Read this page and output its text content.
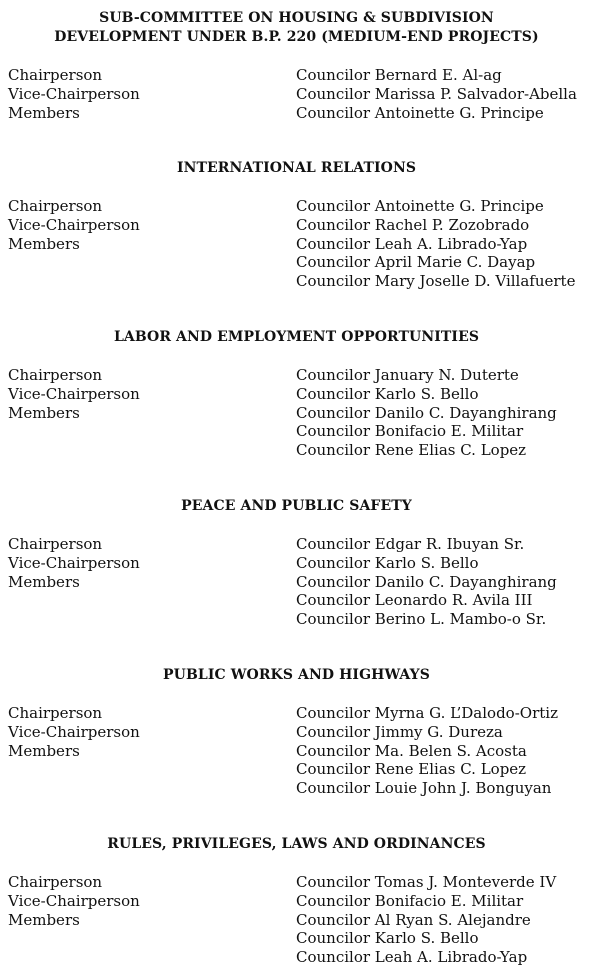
SUB-COMMITTEE ON HOUSING & SUBDIVISION
DEVELOPMENT UNDER B.P. 220 (MEDIUM-END PROJECTS)
Chairperson
Vice-Chairperson
Members
Councilor Bernard E. Al-ag
Councilor Marissa P. Salvador-Abella
Councilor Antoinette G. Principe
INTERNATIONAL RELATIONS
Chairperson
Vice-Chairperson
Members
Councilor Antoinette G. Principe
Councilor Rachel P. Zozobrado
Councilor Leah A. Librado-Yap
Councilor April Marie C. Dayap
Councilor Mary Joselle D. Villafuerte
LABOR AND EMPLOYMENT OPPORTUNITIES
Chairperson
Vice-Chairperson
Members
Councilor January N. Duterte
Councilor Karlo S. Bello
Councilor Danilo C. Dayanghirang
Councilor Bonifacio E. Militar
Councilor Rene Elias C. Lopez
PEACE AND PUBLIC SAFETY
Chairperson
Vice-Chairperson
Members
Councilor Edgar R. Ibuyan Sr.
Councilor Karlo S. Bello
Councilor Danilo C. Dayanghirang
Councilor Leonardo R. Avila III
Councilor Berino L. Mambo-o Sr.
PUBLIC WORKS AND HIGHWAYS
Chairperson
Vice-Chairperson
Members
Councilor Myrna G. L’Dalodo-Ortiz
Councilor Jimmy G. Dureza
Councilor Ma. Belen S. Acosta
Councilor Rene Elias C. Lopez
Councilor Louie John J. Bonguyan
RULES, PRIVILEGES, LAWS AND ORDINANCES
Chairperson
Vice-Chairperson
Members
Councilor Tomas J. Monteverde IV
Councilor Bonifacio E. Militar
Councilor Al Ryan S. Alejandre
Councilor Karlo S. Bello
Councilor Leah A. Librado-Yap
